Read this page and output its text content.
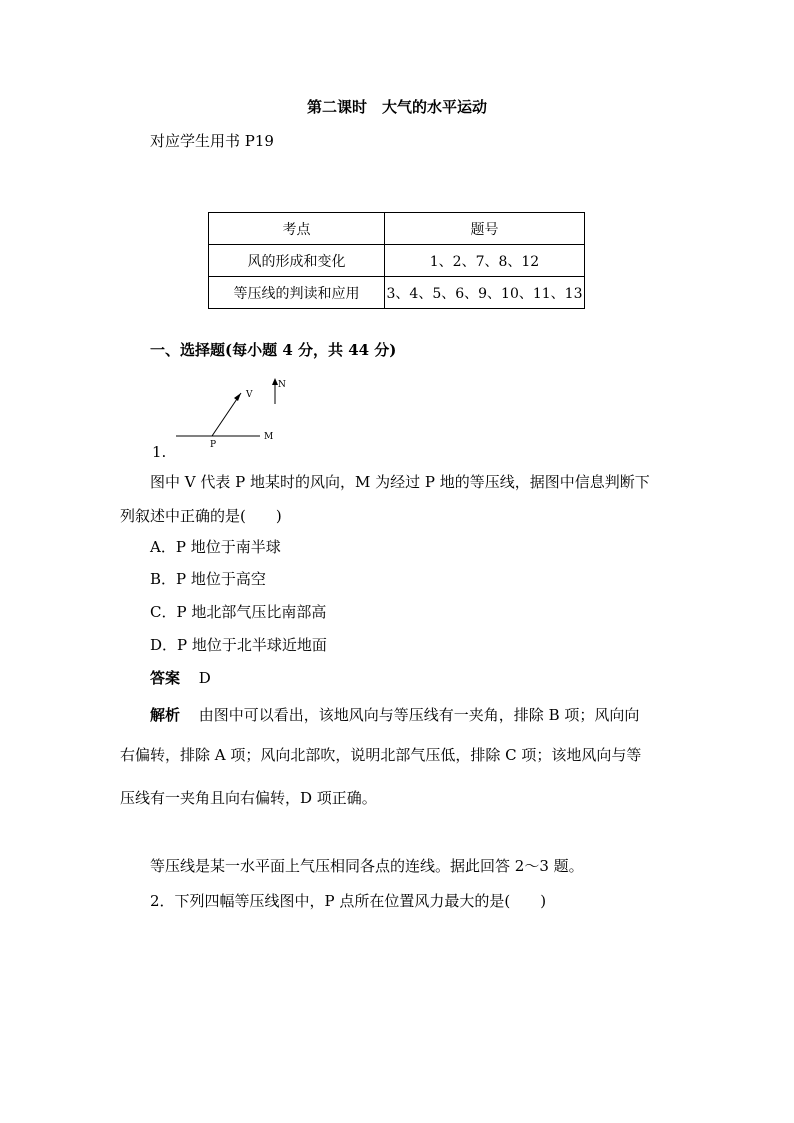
第二课时　大气的水平运动
对应学生用书 P19
考点	题号
风的形成和变化	1、2、7、8、12
等压线的判读和应用	3、4、5、6、9、10、11、13
一、选择题(每小题 4 分，共 44 分)
V
N
P
M
1.
图中 V 代表 P 地某时的风向，M 为经过 P 地的等压线，据图中信息判断下
列叙述中正确的是(　　)
A．P 地位于南半球
B．P 地位于高空
C．P 地北部气压比南部高
D．P 地位于北半球近地面
答案 D
解析 由图中可以看出，该地风向与等压线有一夹角，排除 B 项；风向向
右偏转，排除 A 项；风向北部吹，说明北部气压低，排除 C 项；该地风向与等
压线有一夹角且向右偏转，D 项正确。
等压线是某一水平面上气压相同各点的连线。据此回答 2～3 题。
2．下列四幅等压线图中，P 点所在位置风力最大的是(　　)
